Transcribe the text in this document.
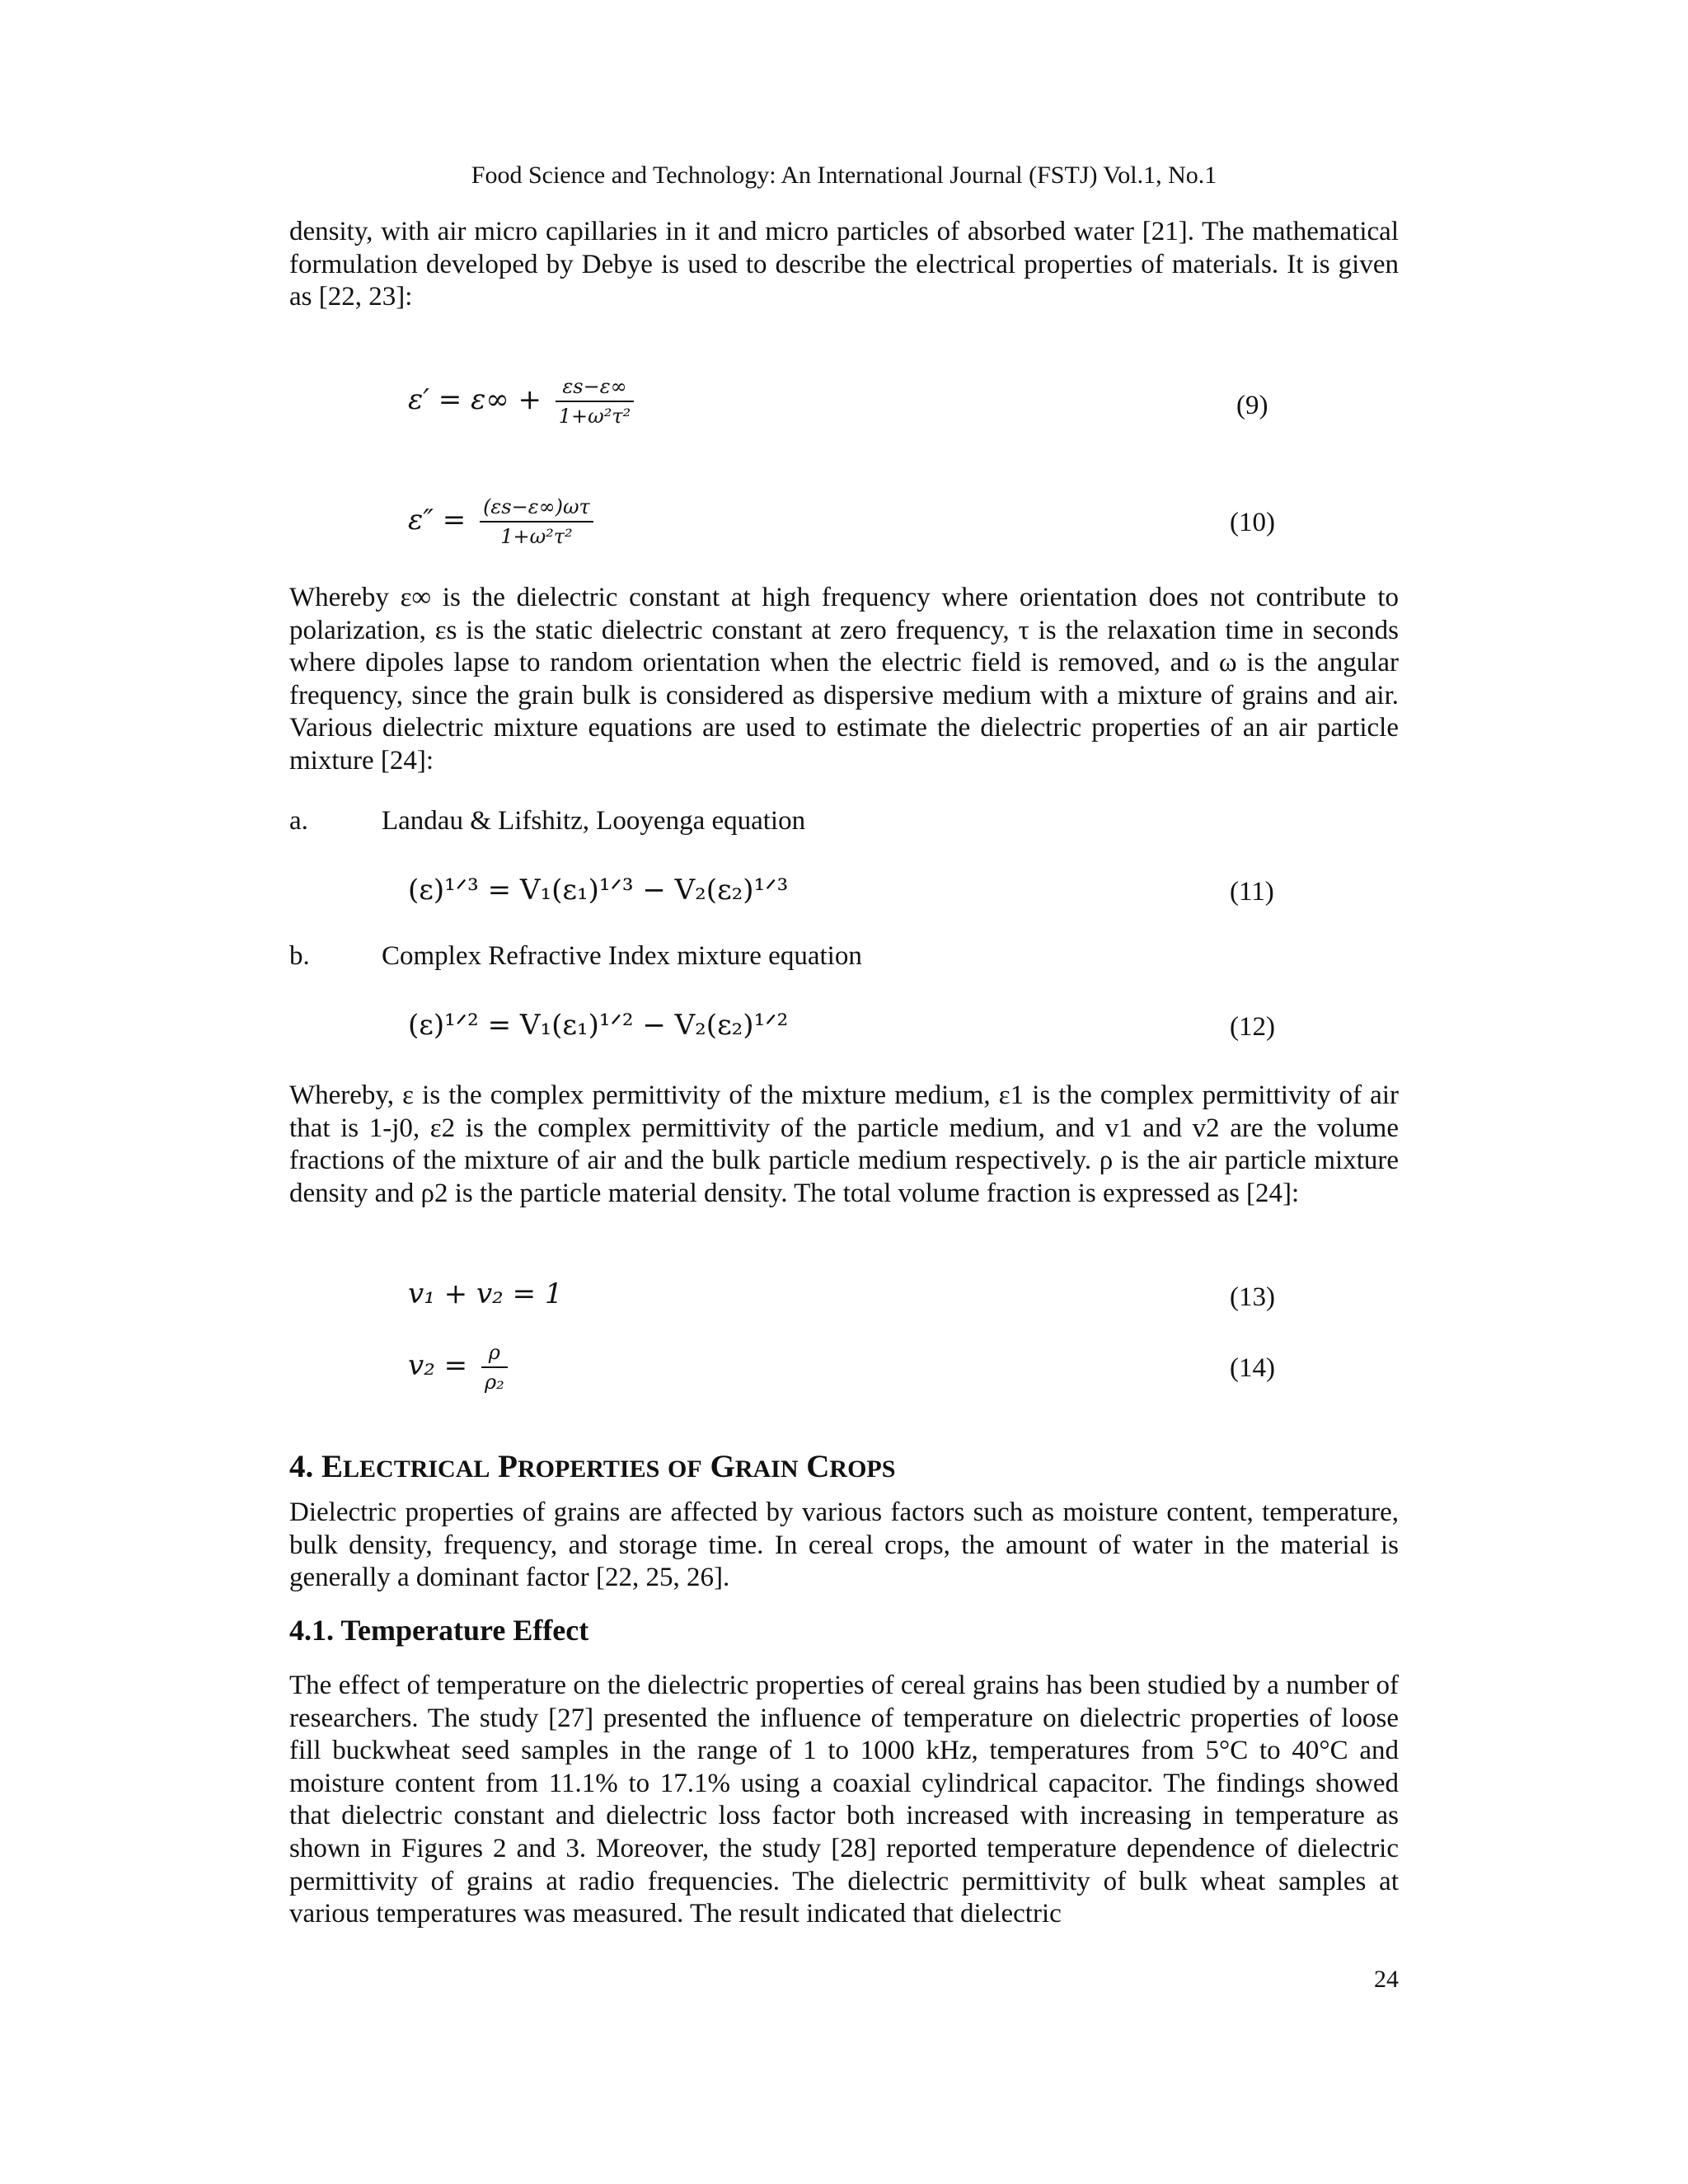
Food Science and Technology: An International Journal (FSTJ) Vol.1, No.1

density, with air micro capillaries in it and micro particles of absorbed water [21]. The mathematical formulation developed by Debye is used to describe the electrical properties of materials. It is given as [22, 23]:

$\varepsilon' = \varepsilon\infty + \frac{\varepsilon s-\varepsilon\infty}{\text{1+ω²τ²}}$	(9)
$\varepsilon'' = \frac{(\varepsilon s-\varepsilon\infty)\omega\tau}{\text{1+ω²τ²}}$	(10)

Whereby ε∞ is the dielectric constant at high frequency where orientation does not contribute to polarization, εs is the static dielectric constant at zero frequency, τ is the relaxation time in seconds where dipoles lapse to random orientation when the electric field is removed, and ω is the angular frequency, since the grain bulk is considered as dispersive medium with a mixture of grains and air. Various dielectric mixture equations are used to estimate the dielectric properties of an air particle mixture [24]:

a.	Landau & Lifshitz, Looyenga equation
(ε)¹ᐟ³ = V₁(ε₁)¹ᐟ³ − V₂(ε₂)¹ᐟ³	(11)
b.	Complex Refractive Index mixture equation
(ε)¹ᐟ² = V₁(ε₁)¹ᐟ² − V₂(ε₂)¹ᐟ²	(12)

Whereby, ε is the complex permittivity of the mixture medium, ε1 is the complex permittivity of air that is 1-j0, ε2 is the complex permittivity of the particle medium, and v1 and v2 are the volume fractions of the mixture of air and the bulk particle medium respectively. ρ is the air particle mixture density and ρ2 is the particle material density. The total volume fraction is expressed as [24]:

v₁ + v₂ = 1	(13)
$v_2 = \frac{\rho}{\text{ρ₂}}$	(14)
4. ELECTRICAL PROPERTIES OF GRAIN CROPS

Dielectric properties of grains are affected by various factors such as moisture content, temperature, bulk density, frequency, and storage time. In cereal crops, the amount of water in the material is generally a dominant factor [22, 25, 26].

4.1. Temperature Effect

The effect of temperature on the dielectric properties of cereal grains has been studied by a number of researchers. The study [27] presented the influence of temperature on dielectric properties of loose fill buckwheat seed samples in the range of 1 to 1000 kHz, temperatures from 5°C to 40°C and moisture content from 11.1% to 17.1% using a coaxial cylindrical capacitor. The findings showed that dielectric constant and dielectric loss factor both increased with increasing in temperature as shown in Figures 2 and 3. Moreover, the study [28] reported temperature dependence of dielectric permittivity of grains at radio frequencies. The dielectric permittivity of bulk wheat samples at various temperatures was measured. The result indicated that dielectric

24
